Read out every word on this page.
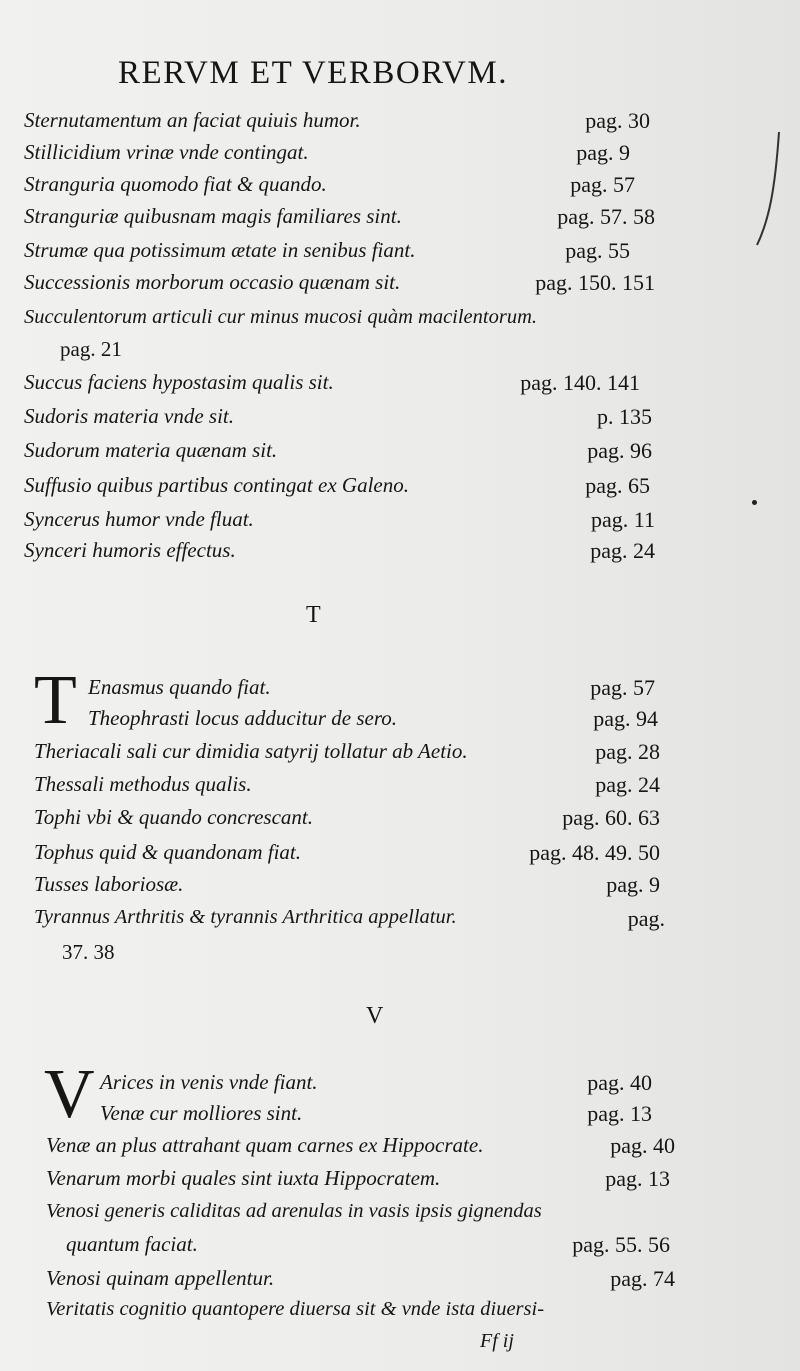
RERVM ET VERBORVM.
Sternutamentum an faciat quiuis humor.	pag. 30
Stillicidium vrinæ vnde contingat.	pag. 9
Stranguria quomodo fiat & quando.	pag. 57
Stranguriæ quibusnam magis familiares sint.	pag. 57. 58
Strumæ qua potissimum ætate in senibus fiant.	pag. 55
Successionis morborum occasio quænam sit.	pag. 150. 151
Succulentorum articuli cur minus mucosi quàm macilentorum.
pag. 21
Succus faciens hypostasim qualis sit.	pag. 140. 141
Sudoris materia vnde sit.	p. 135
Sudorum materia quænam sit.	pag. 96
Suffusio quibus partibus contingat ex Galeno.	pag. 65
Syncerus humor vnde fluat.	pag. 11
Synceri humoris effectus.	pag. 24
T
T Enasmus quando fiat.	pag. 57
Theophrasti locus adducitur de sero.	pag. 94
Theriacali sali cur dimidia satyrij tollatur ab Aetio.	pag. 28
Thessali methodus qualis.	pag. 24
Tophi vbi & quando concrescant.	pag. 60. 63
Tophus quid & quandonam fiat.	pag. 48. 49. 50
Tusses laboriosæ.	pag. 9
Tyrannus Arthritis & tyrannis Arthritica appellatur.	pag.
37. 38
V
V Arices in venis vnde fiant.	pag. 40
Venæ cur molliores sint.	pag. 13
Venæ an plus attrahant quam carnes ex Hippocrate.	pag. 40
Venarum morbi quales sint iuxta Hippocratem.	pag. 13
Venosi generis caliditas ad arenulas in vasis ipsis gignendas
quantum faciat.	pag. 55. 56
Venosi quinam appellentur.	pag. 74
Veritatis cognitio quantopere diuersa sit & vnde ista diuersi-
Ff ij
